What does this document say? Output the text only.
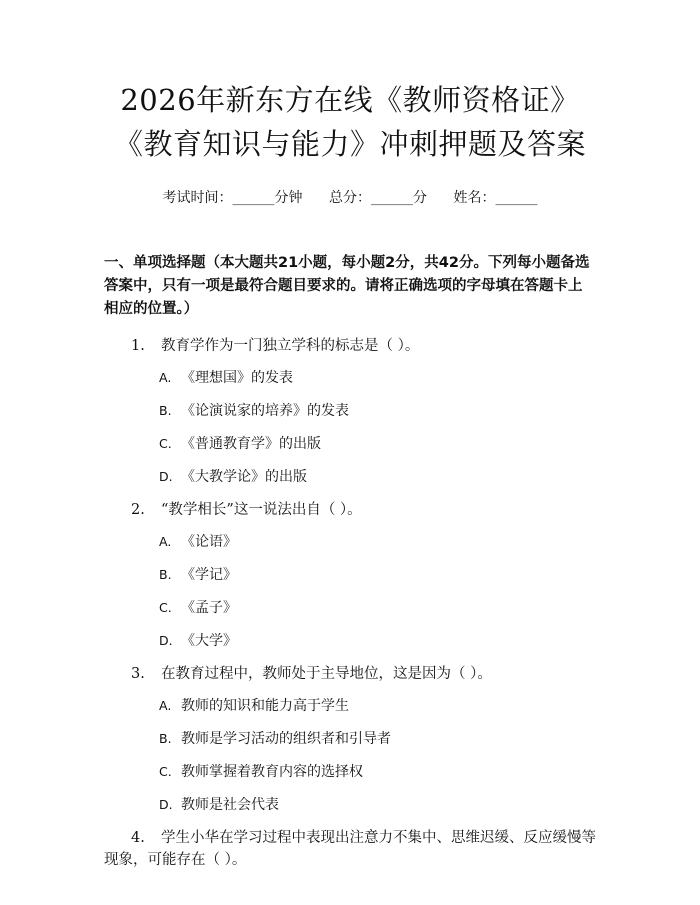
2026年新东方在线《教师资格证》《教育知识与能力》冲刺押题及答案
考试时间：______分钟 总分：______分 姓名：______
一、单项选择题（本大题共21小题，每小题2分，共42分。下列每小题备选答案中，只有一项是最符合题目要求的。请将正确选项的字母填在答题卡上相应的位置。）
1. 教育学作为一门独立学科的标志是（ ）。
A. 《理想国》的发表
B. 《论演说家的培养》的发表
C. 《普通教育学》的出版
D. 《大教学论》的出版
2. “教学相长”这一说法出自（ ）。
A. 《论语》
B. 《学记》
C. 《孟子》
D. 《大学》
3. 在教育过程中，教师处于主导地位，这是因为（ ）。
A. 教师的知识和能力高于学生
B. 教师是学习活动的组织者和引导者
C. 教师掌握着教育内容的选择权
D. 教师是社会代表
4. 学生小华在学习过程中表现出注意力不集中、思维迟缓、反应缓慢等现象，可能存在（ ）。
